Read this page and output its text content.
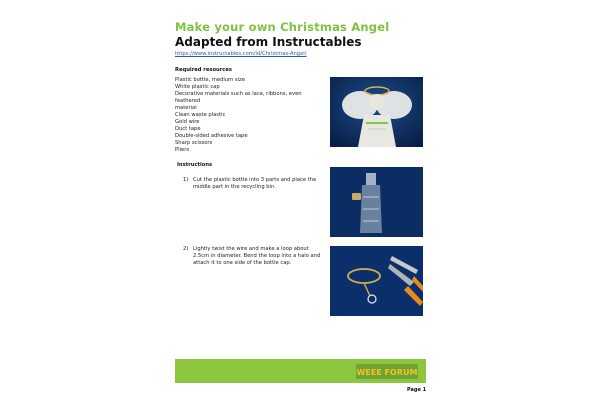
Make your own Christmas Angel
Adapted from Instructables
https://www.instructables.com/id/Christmas-Angel/
Required resources
Plastic bottle, medium size
White plastic cap
Decorative materials such as lace, ribbons, even feathered
material
Clean waste plastic
Gold wire
Duct tape
Double-sided adhesive tape
Sharp scissors
Pliers
Instructions
1) Cut the plastic bottle into 3 parts and place the middle part in the recycling bin.
2) Lightly twist the wire and make a loop about 2.5cm in diameter. Bend the loop into a halo and attach it to one side of the bottle cap.
WEEE FORUM
Page 1
